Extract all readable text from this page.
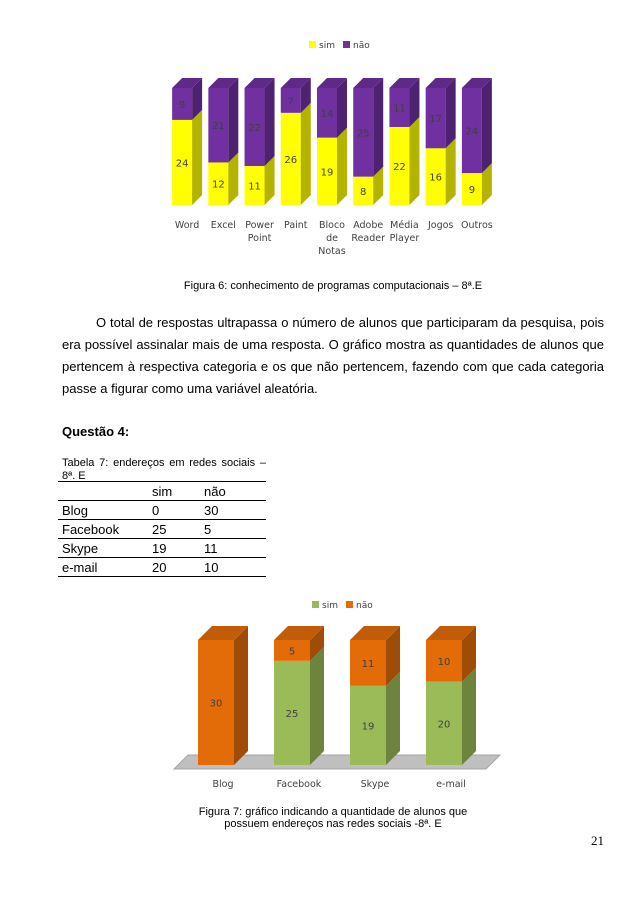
24
9
Word
12
21
Excel
11
22
Power
Point
26
7
Paint
19
14
Bloco
de
Notas
8
25
Adobe
Reader
22
11
Média
Player
16
17
Jogos
9
24
Outros
sim não
Figura 6: conhecimento de programas computacionais – 8ª.E
O total de respostas ultrapassa o número de alunos que participaram da pesquisa, pois
era possível assinalar mais de uma resposta. O gráfico mostra as quantidades de alunos que
pertencem à respectiva categoria e os que não pertencem, fazendo com que cada categoria
passe a figurar como uma variável aleatória.
Questão 4:
Tabela 7: endereços em redes sociais –
8ª. E
	sim	não
Blog	0	30
Facebook	25	5
Skype	19	11
e-mail	20	10
30
Blog
25
5
Facebook
19
11
Skype
20
10
e-mail
sim não
Figura 7: gráfico indicando a quantidade de alunos que
possuem endereços nas redes sociais -8ª. E
21
